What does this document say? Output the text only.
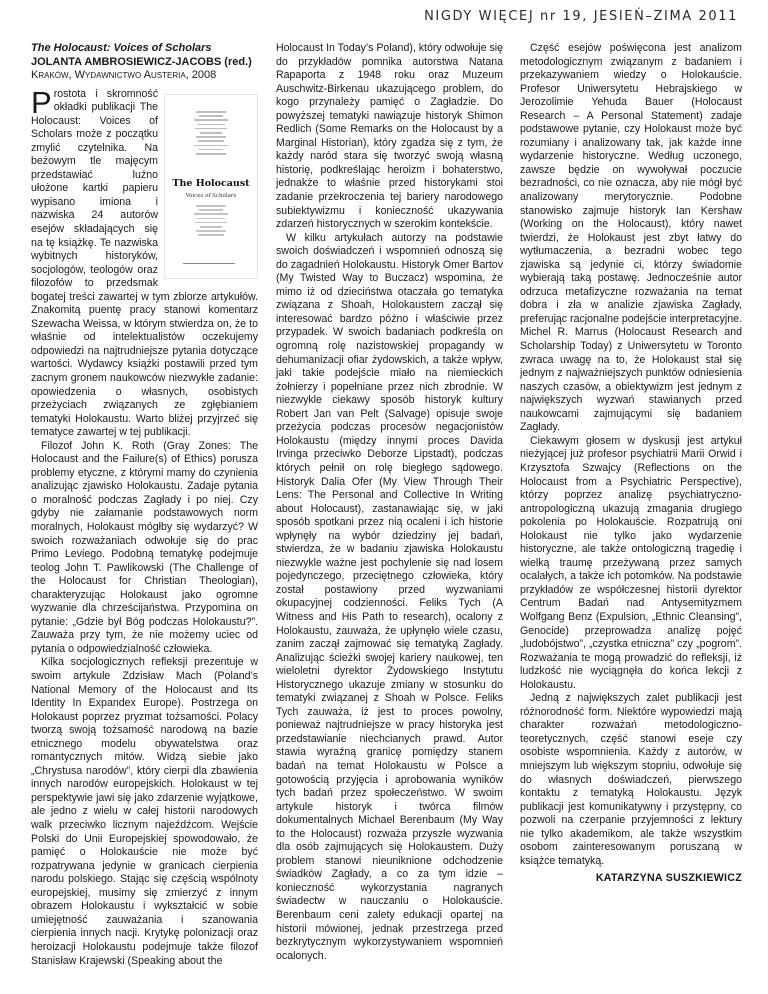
NIGDY WIĘCEJ nr 19, JESIEŃ–ZIMA 2011
The Holocaust: Voices of Scholars
JOLANTA AMBROSIEWICZ-JACOBS (red.)
Kraków, Wydawnictwo Austeria, 2008
The Holocaust
Voices of Scholars

Prostota i skromność okładki publikacji The Holocaust: Voices of Scholars może z początku zmylić czytelnika. Na beżowym tle majęcym przedstawiać luźno ułożone kartki papieru wypisano imiona i nazwiska 24 autorów esejów składających się na tę książkę. Te nazwiska wybitnych historyków, socjologów, teologów oraz filozofów to przedsmak bogatej treści zawartej w tym zbiorze artykułów. Znakomitą puentę pracy stanowi komentarz Szewacha Weissa, w którym stwierdza on, że to właśnie od intelektualistów oczekujemy odpowiedzi na najtrudniejsze pytania dotyczące wartości. Wydawcy książki postawili przed tym zacnym gronem naukowców niezwykłe zadanie: opowiedzenia o własnych, osobistych przeżyciach związanych ze zgłębianiem tematyki Holokaustu. Warto bliżej przyjrzeć się tematyce zawartej w tej publikacji.

Filozof John K. Roth (Gray Zones: The Holocaust and the Failure(s) of Ethics) porusza problemy etyczne, z którymi mamy do czynienia analizując zjawisko Holokaustu. Zadaje pytania o moralność podczas Zagłady i po niej. Czy gdyby nie załamanie podstawowych norm moralnych, Holokaust mógłby się wydarzyć? W swoich rozważaniach odwołuje się do prac Primo Leviego. Podobną tematykę podejmuje teolog John T. Pawlikowski (The Challenge of the Holocaust for Christian Theologian), charakteryzując Holokaust jako ogromne wyzwanie dla chrześcijaństwa. Przypomina on pytanie: „Gdzie był Bóg podczas Holokaustu?”. Zauważa przy tym, że nie możemy uciec od pytania o odpowiedzialność człowieka.

Kilka socjologicznych refleksji prezentuje w swoim artykule Zdzisław Mach (Poland’s National Memory of the Holocaust and Its Identity In Expandex Europe). Postrzega on Holokaust poprzez pryzmat tożsamości. Polacy tworzą swoją tożsamość narodową na bazie etnicznego modelu obywatelstwa oraz romantycznych mitów. Widzą siebie jako „Chrystusa narodów”, który cierpi dla zbawienia innych narodów europejskich. Holokaust w tej perspektywie jawi się jako zdarzenie wyjątkowe, ale jedno z wielu w całej historii narodowych walk przeciwko licznym najeźdźcom. Wejście Polski do Unii Europejskiej spowodowało, że pamięć o Holokauście nie może być rozpatrywana jedynie w granicach cierpienia narodu polskiego. Stając się częścią wspólnoty europejskiej, musimy się zmierzyć z innym obrazem Holokaustu i wykształcić w sobie umiejętność zauważania i szanowania cierpienia innych nacji. Krytykę polonizacji oraz heroizacji Holokaustu podejmuje także filozof Stanisław Krajewski (Speaking about the

Holocaust In Today’s Poland), który odwołuje się do przykładów pomnika autorstwa Natana Rapaporta z 1948 roku oraz Muzeum Auschwitz-Birkenau ukazującego problem, do kogo przynależy pamięć o Zagładzie. Do powyższej tematyki nawiązuje historyk Shimon Redlich (Some Remarks on the Holocaust by a Marginal Historian), który zgadza się z tym, że każdy naród stara się tworzyć swoją własną historię, podkreślając heroizm i bohaterstwo, jednakże to właśnie przed historykami stoi zadanie przekroczenia tej bariery narodowego subiektywizmu i konieczność ukazywania zdarzeń historycznych w szerokim kontekście.

W kilku artykułach autorzy na podstawie swoich doświadczeń i wspomnień odnoszą się do zagadnień Holokaustu. Historyk Omer Bartov (My Twisted Way to Buczacz) wspomina, że mimo iż od dzieciństwa otaczała go tematyka związana z Shoah, Holokaustem zaczął się interesować bardzo późno i właściwie przez przypadek. W swoich badaniach podkreśla on ogromną rolę nazistowskiej propagandy w dehumanizacji ofiar żydowskich, a także wpływ, jaki takie podejście miało na niemieckich żołnierzy i popełniane przez nich zbrodnie. W niezwykle ciekawy sposób historyk kultury Robert Jan van Pelt (Salvage) opisuje swoje przeżycia podczas procesów negacjonistów Holokaustu (między innymi proces Davida Irvinga przeciwko Deborze Lipstadt), podczas których pełnił on rolę biegłego sądowego. Historyk Dalia Ofer (My View Through Their Lens: The Personal and Collective In Writing about Holocaust), zastanawiając się, w jaki sposób spotkani przez nią ocaleni i ich historie wpłynęły na wybór dziedziny jej badań, stwierdza, że w badaniu zjawiska Holokaustu niezwykle ważne jest pochylenie się nad losem pojedynczego, przeciętnego człowieka, który został postawiony przed wyzwaniami okupacyjnej codzienności. Feliks Tych (A Witness and His Path to research), ocalony z Holokaustu, zauważa, że upłynęło wiele czasu, zanim zaczął zajmować się tematyką Zagłady. Analizując ścieżki swojej kariery naukowej, ten wieloletni dyrektor Żydowskiego Instytutu Historycznego ukazuje zmiany w stosunku do tematyki związanej z Shoah w Polsce. Feliks Tych zauważa, iż jest to proces powolny, ponieważ najtrudniejsze w pracy historyka jest przedstawianie niechcianych prawd. Autor stawia wyraźną granicę pomiędzy stanem badań na temat Holokaustu w Polsce a gotowością przyjęcia i aprobowania wyników tych badań przez społeczeństwo. W swoim artykule historyk i twórca filmów dokumentalnych Michael Berenbaum (My Way to the Holocaust) rozważa przyszłe wyzwania dla osób zajmujących się Holokaustem. Duży problem stanowi nieuniknione odchodzenie świadków Zagłady, a co za tym idzie – konieczność wykorzystania nagranych świadectw w nauczaniu o Holokauście. Berenbaum ceni zalety edukacji opartej na historii mówionej, jednak przestrzega przed bezkrytycznym wykorzystywaniem wspomnień ocalonych.

Część esejów poświęcona jest analizom metodologicznym związanym z badaniem i przekazywaniem wiedzy o Holokauście. Profesor Uniwersytetu Hebrajskiego w Jerozolimie Yehuda Bauer (Holocaust Research – A Personal Statement) zadaje podstawowe pytanie, czy Holokaust może być rozumiany i analizowany tak, jak każde inne wydarzenie historyczne. Według uczonego, zawsze będzie on wywoływał poczucie bezradności, co nie oznacza, aby nie mógł być analizowany merytorycznie. Podobne stanowisko zajmuje historyk Ian Kershaw (Working on the Holocaust), który nawet twierdzi, że Holokaust jest zbyt łatwy do wytłumaczenia, a bezradni wobec tego zjawiska są jedynie ci, którzy świadomie wybierają taką postawę. Jednocześnie autor odrzuca metafizyczne rozważania na temat dobra i zła w analizie zjawiska Zagłady, preferując racjonalne podejście interpretacyjne. Michel R. Marrus (Holocaust Research and Scholarship Today) z Uniwersytetu w Toronto zwraca uwagę na to, że Holokaust stał się jednym z najważniejszych punktów odniesienia naszych czasów, a obiektywizm jest jednym z największych wyzwań stawianych przed naukowcami zajmującymi się badaniem Zagłady.

Ciekawym głosem w dyskusji jest artykuł nieżyjącej już profesor psychiatrii Marii Orwid i Krzysztofa Szwajcy (Reflections on the Holocaust from a Psychiatric Perspective), którzy poprzez analizę psychiatryczno-antropologiczną ukazują zmagania drugiego pokolenia po Holokauście. Rozpatrują oni Holokaust nie tylko jako wydarzenie historyczne, ale także ontologiczną tragedię i wielką traumę przeżywaną przez samych ocalałych, a także ich potomków. Na podstawie przykładów ze współczesnej historii dyrektor Centrum Badań nad Antysemityzmem Wolfgang Benz (Expulsion, „Ethnic Cleansing”, Genocide) przeprowadza analizę pojęć „ludobójstwo”, „czystka etniczna” czy „pogrom”. Rozważania te mogą prowadzić do refleksji, iż ludzkość nie wyciągnęła do końca lekcji z Holokaustu.

Jedną z największych zalet publikacji jest różnorodność form. Niektóre wypowiedzi mają charakter rozważań metodologiczno-teoretycznych, część stanowi eseje czy osobiste wspomnienia. Każdy z autorów, w mniejszym lub większym stopniu, odwołuje się do własnych doświadczeń, pierwszego kontaktu z tematyką Holokaustu. Język publikacji jest komunikatywny i przystępny, co pozwoli na czerpanie przyjemności z lektury nie tylko akademikom, ale także wszystkim osobom zainteresowanym poruszaną w książce tematyką.

KATARZYNA SUSZKIEWICZ
